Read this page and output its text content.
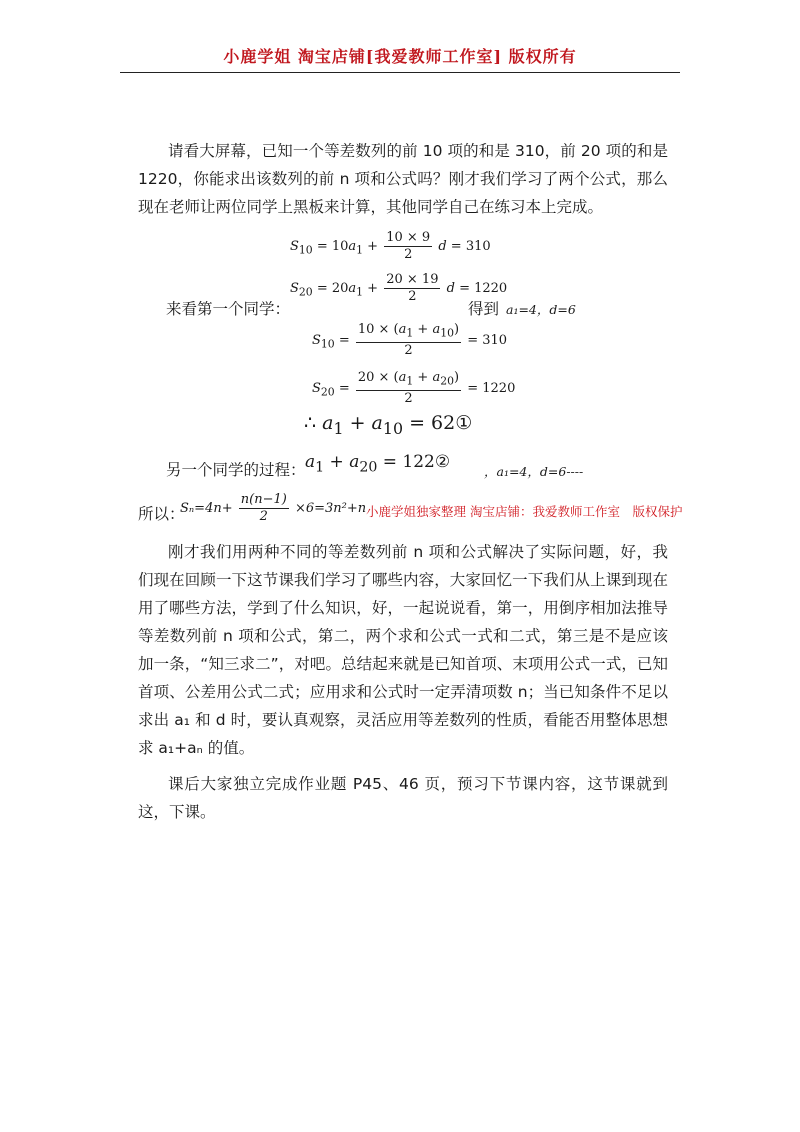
小鹿学姐 淘宝店铺[我爱教师工作室] 版权所有
请看大屏幕，已知一个等差数列的前 10 项的和是 310，前 20 项的和是 1220，你能求出该数列的前 n 项和公式吗？刚才我们学习了两个公式，那么现在老师让两位同学上黑板来计算，其他同学自己在练习本上完成。
$S_{10} = 10a_1 + \frac{10 \times 9}{2}$ d = 310
来看第一个同学：
$S_{20} = 20a_1 + \frac{20 \times 19}{2}$ d = 1220
得到 a₁=4，d=6
$S_{10} = \frac{10 \times (a_1 + a_{10})}{2} = 310$
$S_{20} = \frac{20 \times (a_1 + a_{20})}{2} = 1220$
∴ $a_1 + a_{10}$ = 62①
另一个同学的过程： $a_1 + a_{20}$ = 122②	，a₁=4，d=6----
所以：
$S_n=4n+ \frac{n(n-1)}{2} \times 6=3n^2+n$ 小鹿学姐独家整理 淘宝店铺：我爱教师工作室　版权保护
刚才我们用两种不同的等差数列前 n 项和公式解决了实际问题，好，我们现在回顾一下这节课我们学习了哪些内容，大家回忆一下我们从上课到现在用了哪些方法，学到了什么知识，好，一起说说看，第一，用倒序相加法推导等差数列前 n 项和公式，第二，两个求和公式一式和二式，第三是不是应该加一条，“知三求二”，对吧。总结起来就是已知首项、末项用公式一式，已知首项、公差用公式二式；应用求和公式时一定弄清项数 n；当已知条件不足以求出 a₁ 和 d 时，要认真观察，灵活应用等差数列的性质，看能否用整体思想求 a₁+aₙ 的值。
课后大家独立完成作业题 P45、46 页，预习下节课内容，这节课就到这，下课。
